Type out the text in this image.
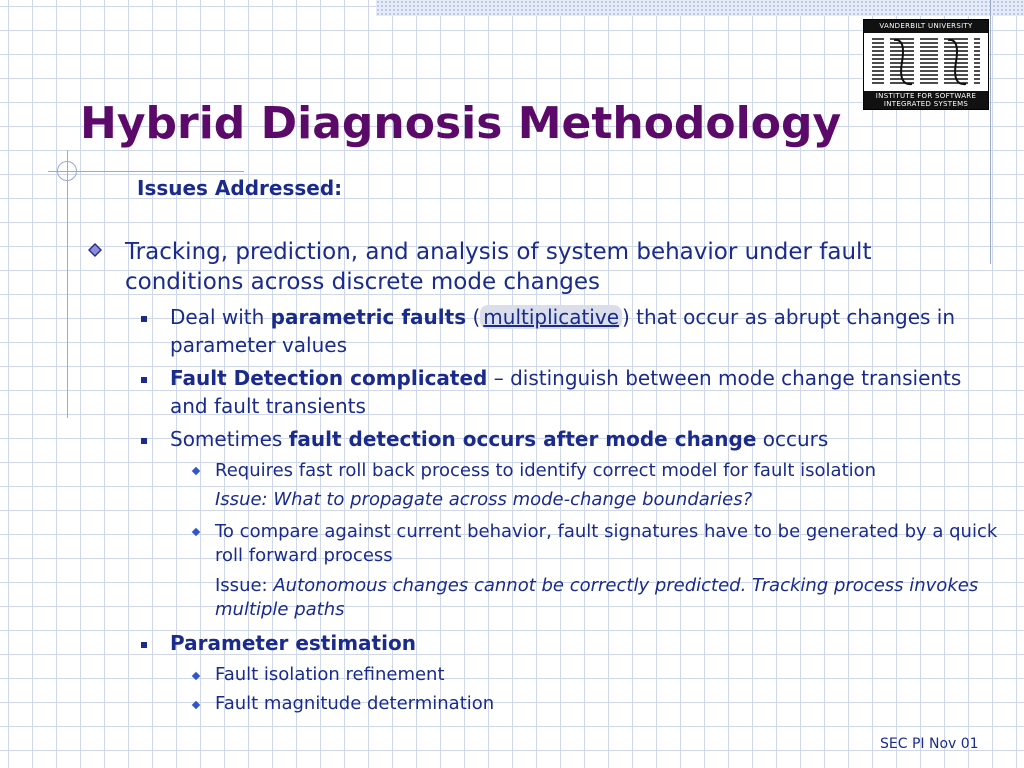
VANDERBILT UNIVERSITY
INSTITUTE FOR SOFTWARE
INTEGRATED SYSTEMS
Hybrid Diagnosis Methodology
Issues Addressed:

Tracking, prediction, and analysis of system behavior under fault conditions across discrete mode changes

Deal with parametric faults ( multiplicative ) that occur as abrupt changes in parameter values

Fault Detection complicated – distinguish between mode change transients and fault transients

Sometimes fault detection occurs after mode change occurs

Requires fast roll back process to identify correct model for fault isolation

Issue: What to propagate across mode-change boundaries?

To compare against current behavior, fault signatures have to be generated by a quick roll forward process

Issue: Autonomous changes cannot be correctly predicted. Tracking process invokes multiple paths

Parameter estimation

Fault isolation refinement

Fault magnitude determination

SEC PI Nov 01
